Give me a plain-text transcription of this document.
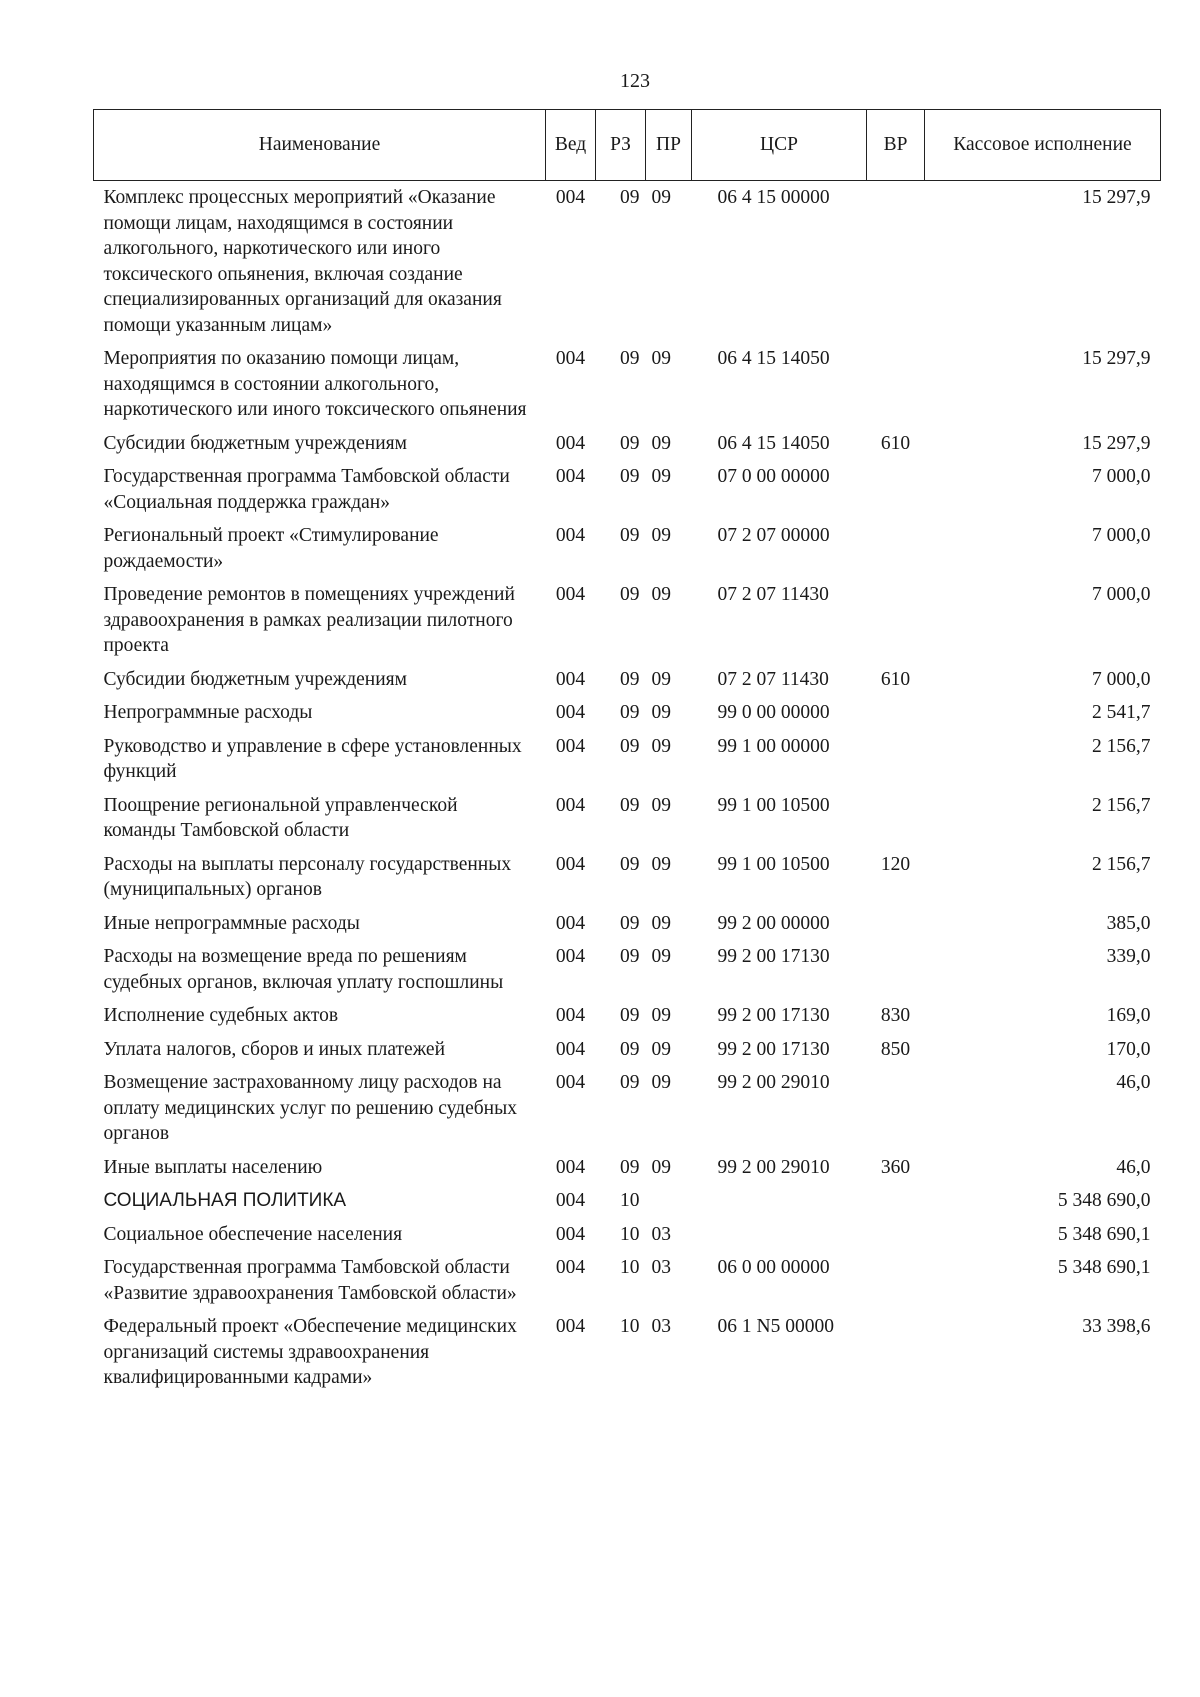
123
Наименование	Вед	РЗ	ПР	ЦСР	ВР	Кассовое исполнение
Комплекс процессных мероприятий «Оказание помощи лицам, находящимся в состоянии алкогольного, наркотического или иного токсического опьянения, включая создание специализированных организаций для оказания помощи указанным лицам»	004	09	09	06 4 15 00000		15 297,9
Мероприятия по оказанию помощи лицам, находящимся в состоянии алкогольного, наркотического или иного токсического опьянения	004	09	09	06 4 15 14050		15 297,9
Субсидии бюджетным учреждениям	004	09	09	06 4 15 14050	610	15 297,9
Государственная программа Тамбовской области «Социальная поддержка граждан»	004	09	09	07 0 00 00000		7 000,0
Региональный проект «Стимулирование рождаемости»	004	09	09	07 2 07 00000		7 000,0
Проведение ремонтов в помещениях учреждений здравоохранения в рамках реализации пилотного проекта	004	09	09	07 2 07 11430		7 000,0
Субсидии бюджетным учреждениям	004	09	09	07 2 07 11430	610	7 000,0
Непрограммные расходы	004	09	09	99 0 00 00000		2 541,7
Руководство и управление в сфере установленных функций	004	09	09	99 1 00 00000		2 156,7
Поощрение региональной управленческой команды Тамбовской области	004	09	09	99 1 00 10500		2 156,7
Расходы на выплаты персоналу государственных (муниципальных) органов	004	09	09	99 1 00 10500	120	2 156,7
Иные непрограммные расходы	004	09	09	99 2 00 00000		385,0
Расходы на возмещение вреда по решениям судебных органов, включая уплату госпошлины	004	09	09	99 2 00 17130		339,0
Исполнение судебных актов	004	09	09	99 2 00 17130	830	169,0
Уплата налогов, сборов и иных платежей	004	09	09	99 2 00 17130	850	170,0
Возмещение застрахованному лицу расходов на оплату медицинских услуг по решению судебных органов	004	09	09	99 2 00 29010		46,0
Иные выплаты населению	004	09	09	99 2 00 29010	360	46,0
СОЦИАЛЬНАЯ ПОЛИТИКА	004	10				5 348 690,0
Социальное обеспечение населения	004	10	03			5 348 690,1
Государственная программа Тамбовской области «Развитие здравоохранения Тамбовской области»	004	10	03	06 0 00 00000		5 348 690,1
Федеральный проект «Обеспечение медицинских организаций системы здравоохранения квалифицированными кадрами»	004	10	03	06 1 N5 00000		33 398,6
